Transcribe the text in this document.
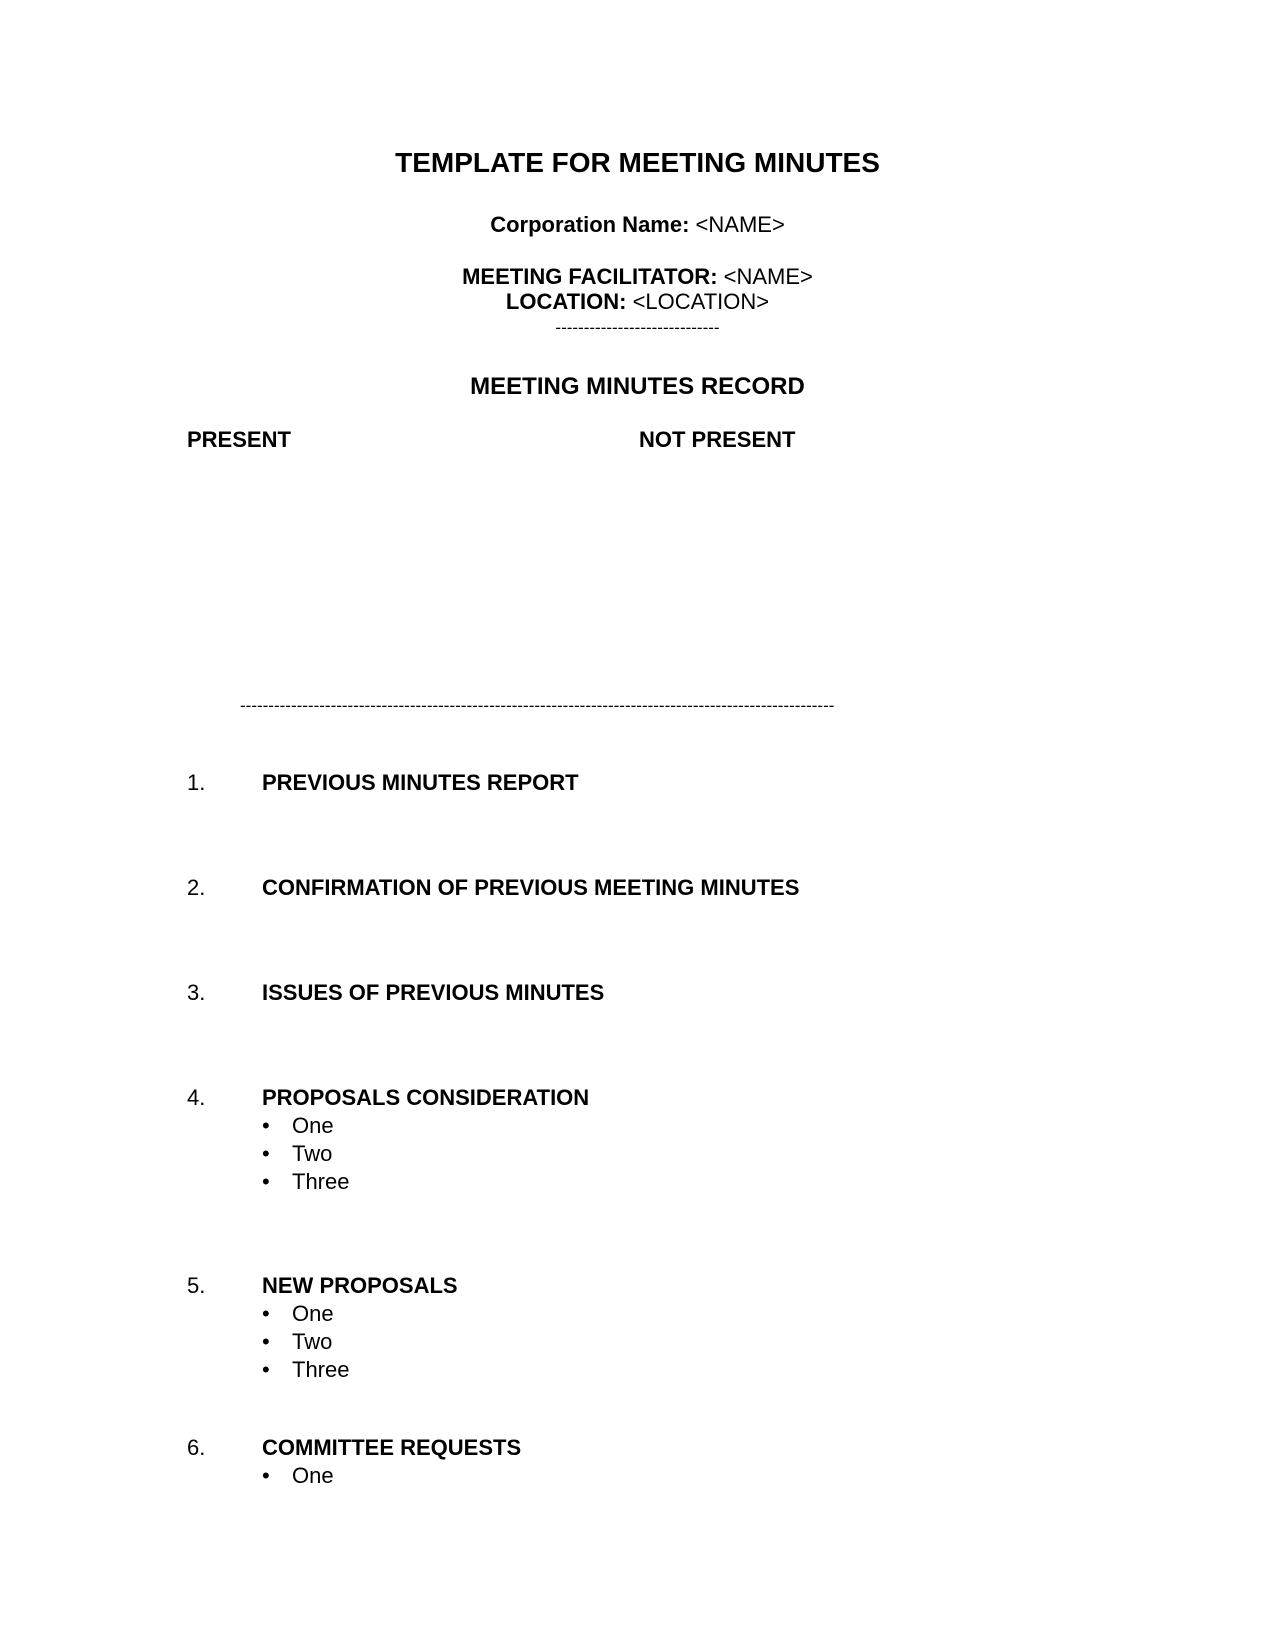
TEMPLATE FOR MEETING MINUTES
Corporation Name: <NAME>
MEETING FACILITATOR: <NAME>
LOCATION: <LOCATION>
-----------------------------
MEETING MINUTES RECORD
PRESENT	NOT PRESENT
---------------------------------------------------------------------------------------------------------
1.	PREVIOUS MINUTES REPORT
2.	CONFIRMATION OF PREVIOUS MEETING MINUTES
3.	ISSUES OF PREVIOUS MINUTES
4.	PROPOSALS CONSIDERATION
• One
• Two
• Three
5.	NEW PROPOSALS
• One
• Two
• Three
6.	COMMITTEE REQUESTS
• One
